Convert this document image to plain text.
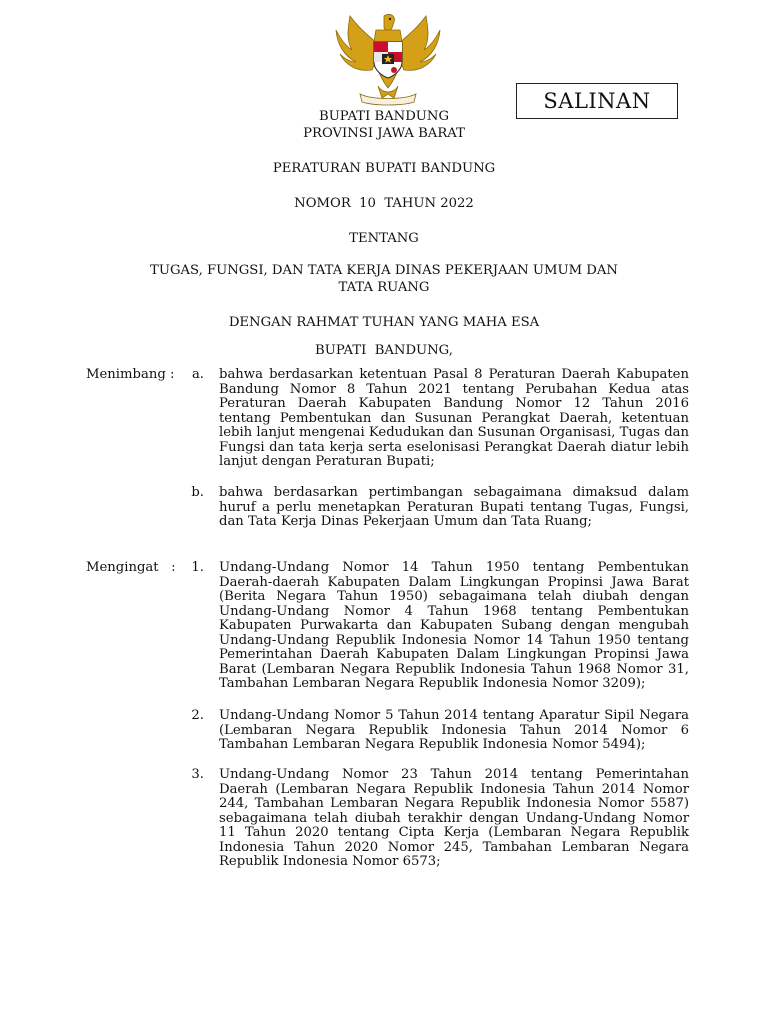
SALINAN
BUPATI BANDUNG
PROVINSI JAWA BARAT
PERATURAN BUPATI BANDUNG
NOMOR  10  TAHUN 2022
TENTANG
TUGAS, FUNGSI, DAN TATA KERJA DINAS PEKERJAAN UMUM DAN
TATA RUANG
DENGAN RAHMAT TUHAN YANG MAHA ESA
BUPATI  BANDUNG,
Menimbang :	a. bahwa berdasarkan ketentuan Pasal 8 Peraturan Daerah Kabupaten Bandung Nomor 8 Tahun 2021 tentang Perubahan Kedua atas Peraturan Daerah Kabupaten Bandung Nomor 12 Tahun 2016 tentang Pembentukan dan Susunan Perangkat Daerah, ketentuan lebih lanjut mengenai Kedudukan dan Susunan Organisasi, Tugas dan Fungsi dan tata kerja serta eselonisasi Perangkat Daerah diatur lebih lanjut dengan Peraturan Bupati;
b. bahwa berdasarkan pertimbangan sebagaimana dimaksud dalam huruf a perlu menetapkan Peraturan Bupati tentang Tugas, Fungsi, dan Tata Kerja Dinas Pekerjaan Umum dan Tata Ruang;
Mengingat   :	1. Undang-Undang Nomor 14 Tahun 1950 tentang Pembentukan Daerah-daerah Kabupaten Dalam Lingkungan Propinsi Jawa Barat (Berita Negara Tahun 1950) sebagaimana telah diubah dengan Undang-Undang Nomor 4 Tahun 1968 tentang Pembentukan Kabupaten Purwakarta dan Kabupaten Subang dengan mengubah Undang-Undang Republik Indonesia Nomor 14 Tahun 1950 tentang Pemerintahan Daerah Kabupaten Dalam Lingkungan Propinsi Jawa Barat (Lembaran Negara Republik Indonesia Tahun 1968 Nomor 31, Tambahan Lembaran Negara Republik Indonesia Nomor 3209);
2. Undang-Undang Nomor 5 Tahun 2014 tentang Aparatur Sipil Negara (Lembaran Negara Republik Indonesia Tahun 2014 Nomor 6 Tambahan Lembaran Negara Republik Indonesia Nomor 5494);
3. Undang-Undang Nomor 23 Tahun 2014 tentang Pemerintahan Daerah (Lembaran Negara Republik Indonesia Tahun 2014 Nomor 244, Tambahan Lembaran Negara Republik Indonesia Nomor 5587) sebagaimana telah diubah terakhir dengan Undang-Undang Nomor 11 Tahun 2020 tentang Cipta Kerja (Lembaran Negara Republik Indonesia Tahun 2020 Nomor 245, Tambahan Lembaran Negara Republik Indonesia Nomor 6573;
